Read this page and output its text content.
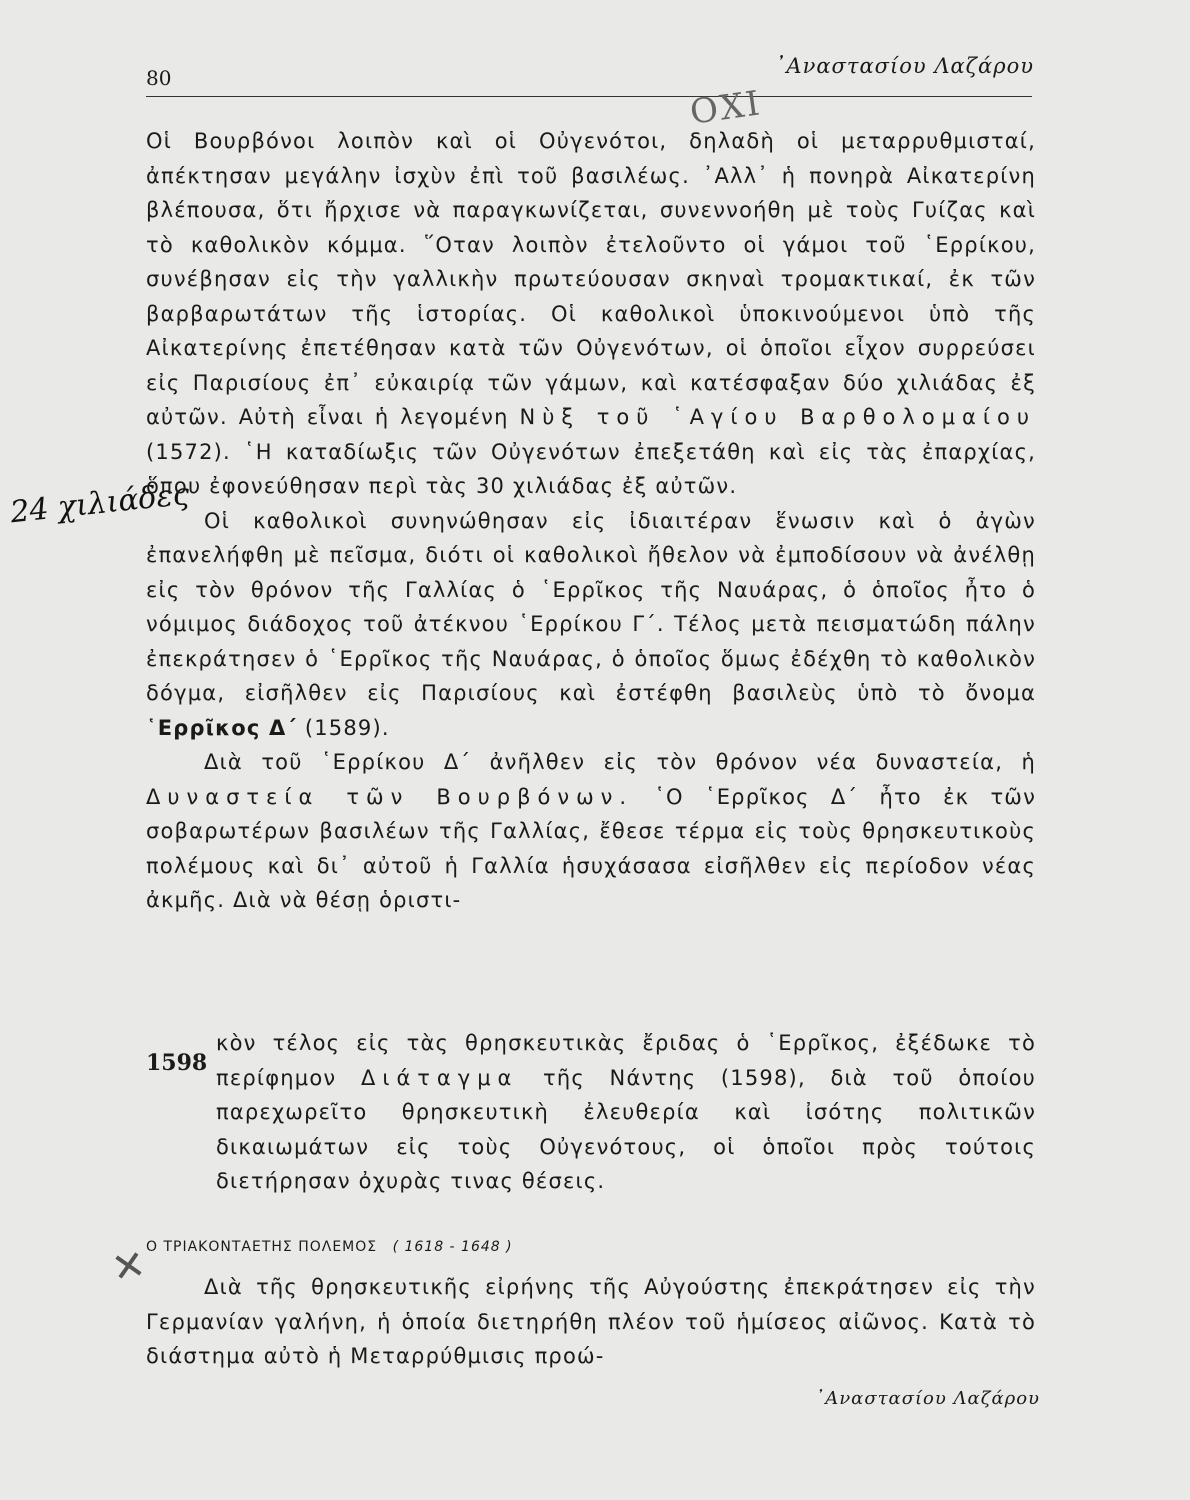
80	᾿Αναστασίου Λαζάρου
ΟΧΙ
24 χιλιάδες

Οἱ Βουρβόνοι λοιπὸν καὶ οἱ Οὐγενότοι, δηλαδὴ οἱ μεταρρυθμισταί, ἀπέκτησαν μεγάλην ἰσχὺν ἐπὶ τοῦ βασιλέως. ᾿Αλλ᾿ ἡ πονηρὰ Αἰκατερίνη βλέπουσα, ὅτι ἤρχισε νὰ παραγκωνίζεται, συνεννοήθη μὲ τοὺς Γυίζας καὶ τὸ καθολικὸν κόμμα. ῞Οταν λοιπὸν ἐτελοῦντο οἱ γάμοι τοῦ ῾Ερρίκου, συνέβησαν εἰς τὴν γαλλικὴν πρωτεύουσαν σκηναὶ τρομακτικαί, ἐκ τῶν βαρβαρωτάτων τῆς ἱστορίας. Οἱ καθολικοὶ ὑποκινούμενοι ὑπὸ τῆς Αἰκατερίνης ἐπετέθησαν κατὰ τῶν Οὐγενότων, οἱ ὁποῖοι εἶχον συρρεύσει εἰς Παρισίους ἐπ᾿ εὐκαιρίᾳ τῶν γάμων, καὶ κατέσφαξαν δύο χιλιάδας ἐξ αὐτῶν. Αὐτὴ εἶναι ἡ λεγομένη Νὺξ τοῦ ῾Αγίου Βαρθολομαίου (1572). ῾Η καταδίωξις τῶν Οὐγενότων ἐπεξετάθη καὶ εἰς τὰς ἐπαρχίας, ὅπου ἐφονεύθησαν περὶ τὰς 30 χιλιάδας ἐξ αὐτῶν.

Οἱ καθολικοὶ συνηνώθησαν εἰς ἰδιαιτέραν ἕνωσιν καὶ ὁ ἀγὼν ἐπανελήφθη μὲ πεῖσμα, διότι οἱ καθολικοὶ ἤθελον νὰ ἐμποδίσουν νὰ ἀνέλθῃ εἰς τὸν θρόνον τῆς Γαλλίας ὁ ῾Ερρῖκος τῆς Ναυάρας, ὁ ὁποῖος ἦτο ὁ νόμιμος διάδοχος τοῦ ἀτέκνου ῾Ερρίκου Γ΄. Τέλος μετὰ πεισματώδη πάλην ἐπεκράτησεν ὁ ῾Ερρῖκος τῆς Ναυάρας, ὁ ὁποῖος ὅμως ἐδέχθη τὸ καθολικὸν δόγμα, εἰσῆλθεν εἰς Παρισίους καὶ ἐστέφθη βασιλεὺς ὑπὸ τὸ ὄνομα ῾Ερρῖκος Δ΄ (1589).

Διὰ τοῦ ῾Ερρίκου Δ΄ ἀνῆλθεν εἰς τὸν θρόνον νέα δυναστεία, ἡ Δυναστεία τῶν Βουρβόνων. ῾Ο ῾Ερρῖκος Δ΄ ἦτο ἐκ τῶν σοβαρωτέρων βασιλέων τῆς Γαλλίας, ἔθεσε τέρμα εἰς τοὺς θρησκευτικοὺς πολέμους καὶ δι᾿ αὐτοῦ ἡ Γαλλία ἡσυχάσασα εἰσῆλθεν εἰς περίοδον νέας ἀκμῆς. Διὰ νὰ θέσῃ ὁριστι-

1598
κὸν τέλος εἰς τὰς θρησκευτικὰς ἔριδας ὁ ῾Ερρῖκος, ἐξέδωκε τὸ περίφημον Διάταγμα τῆς Νάντης (1598), διὰ τοῦ ὁποίου παρεχωρεῖτο θρησκευτικὴ ἐλευθερία καὶ ἰσότης πολιτικῶν δικαιωμάτων εἰς τοὺς Οὐγενότους, οἱ ὁποῖοι πρὸς τούτοις διετήρησαν ὀχυρὰς τινας θέσεις.
✕
Ο ΤΡΙΑΚΟΝΤΑΕΤΗΣ ΠΟΛΕΜΟΣ ( 1618 - 1648 )

Διὰ τῆς θρησκευτικῆς εἰρήνης τῆς Αὐγούστης ἐπεκράτησεν εἰς τὴν Γερμανίαν γαλήνη, ἡ ὁποία διετηρήθη πλέον τοῦ ἡμίσεος αἰῶνος. Κατὰ τὸ διάστημα αὐτὸ ἡ Μεταρρύθμισις προώ-

᾿Αναστασίου Λαζάρου
